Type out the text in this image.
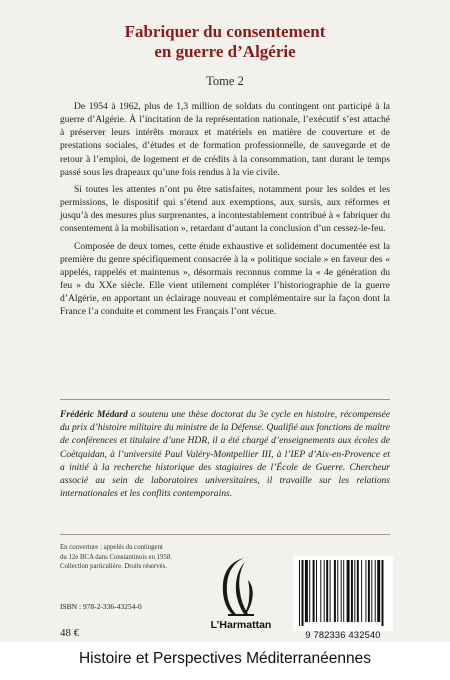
Fabriquer du consentement
en guerre d’Algérie
Tome 2

De 1954 à 1962, plus de 1,3 million de soldats du contingent ont participé à la guerre d’Algérie. À l’incitation de la représentation nationale, l’exécutif s’est attaché à préserver leurs intérêts moraux et matériels en matière de couverture et de prestations sociales, d’études et de formation professionnelle, de sauvegarde et de retour à l’emploi, de logement et de crédits à la consommation, tant durant le temps passé sous les drapeaux qu’une fois rendus à la vie civile.

Si toutes les attentes n’ont pu être satisfaites, notamment pour les soldes et les permissions, le dispositif qui s’étend aux exemptions, aux sursis, aux réformes et jusqu’à des mesures plus surprenantes, a incontestablement contribué à « fabriquer du consentement à la mobilisation », retardant d’autant la conclusion d’un cessez-le-feu.

Composée de deux tomes, cette étude exhaustive et solidement documentée est la première du genre spécifiquement consacrée à la « politique sociale » en faveur des « appelés, rappelés et maintenus », désormais reconnus comme la « 4e génération du feu » du XXe siècle. Elle vient utilement compléter l’historiographie de la guerre d’Algérie, en apportant un éclairage nouveau et complémentaire sur la façon dont la France l’a conduite et comment les Français l’ont vécue.

Frédéric Médard a soutenu une thèse doctorat du 3e cycle en histoire, récompensée du prix d’histoire militaire du ministre de la Défense. Qualifié aux fonctions de maître de conférences et titulaire d’une HDR, il a été chargé d’enseignements aux écoles de Coëtquidan, à l’université Paul Valéry-Montpellier III, à l’IEP d’Aix-en-Provence et a initié à la recherche historique des stagiaires de l’École de Guerre. Chercheur associé au sein de laboratoires universitaires, il travaille sur les relations internationales et les conflits contemporains.

En couverture : appelés du contingent
du 12e BCA dans Constantinois en 1958.
Collection particulière. Droits réservés.
ISBN : 978-2-336-43254-0
48 €
L’Harmattan
9 782336 432540
Histoire et Perspectives Méditerranéennes
